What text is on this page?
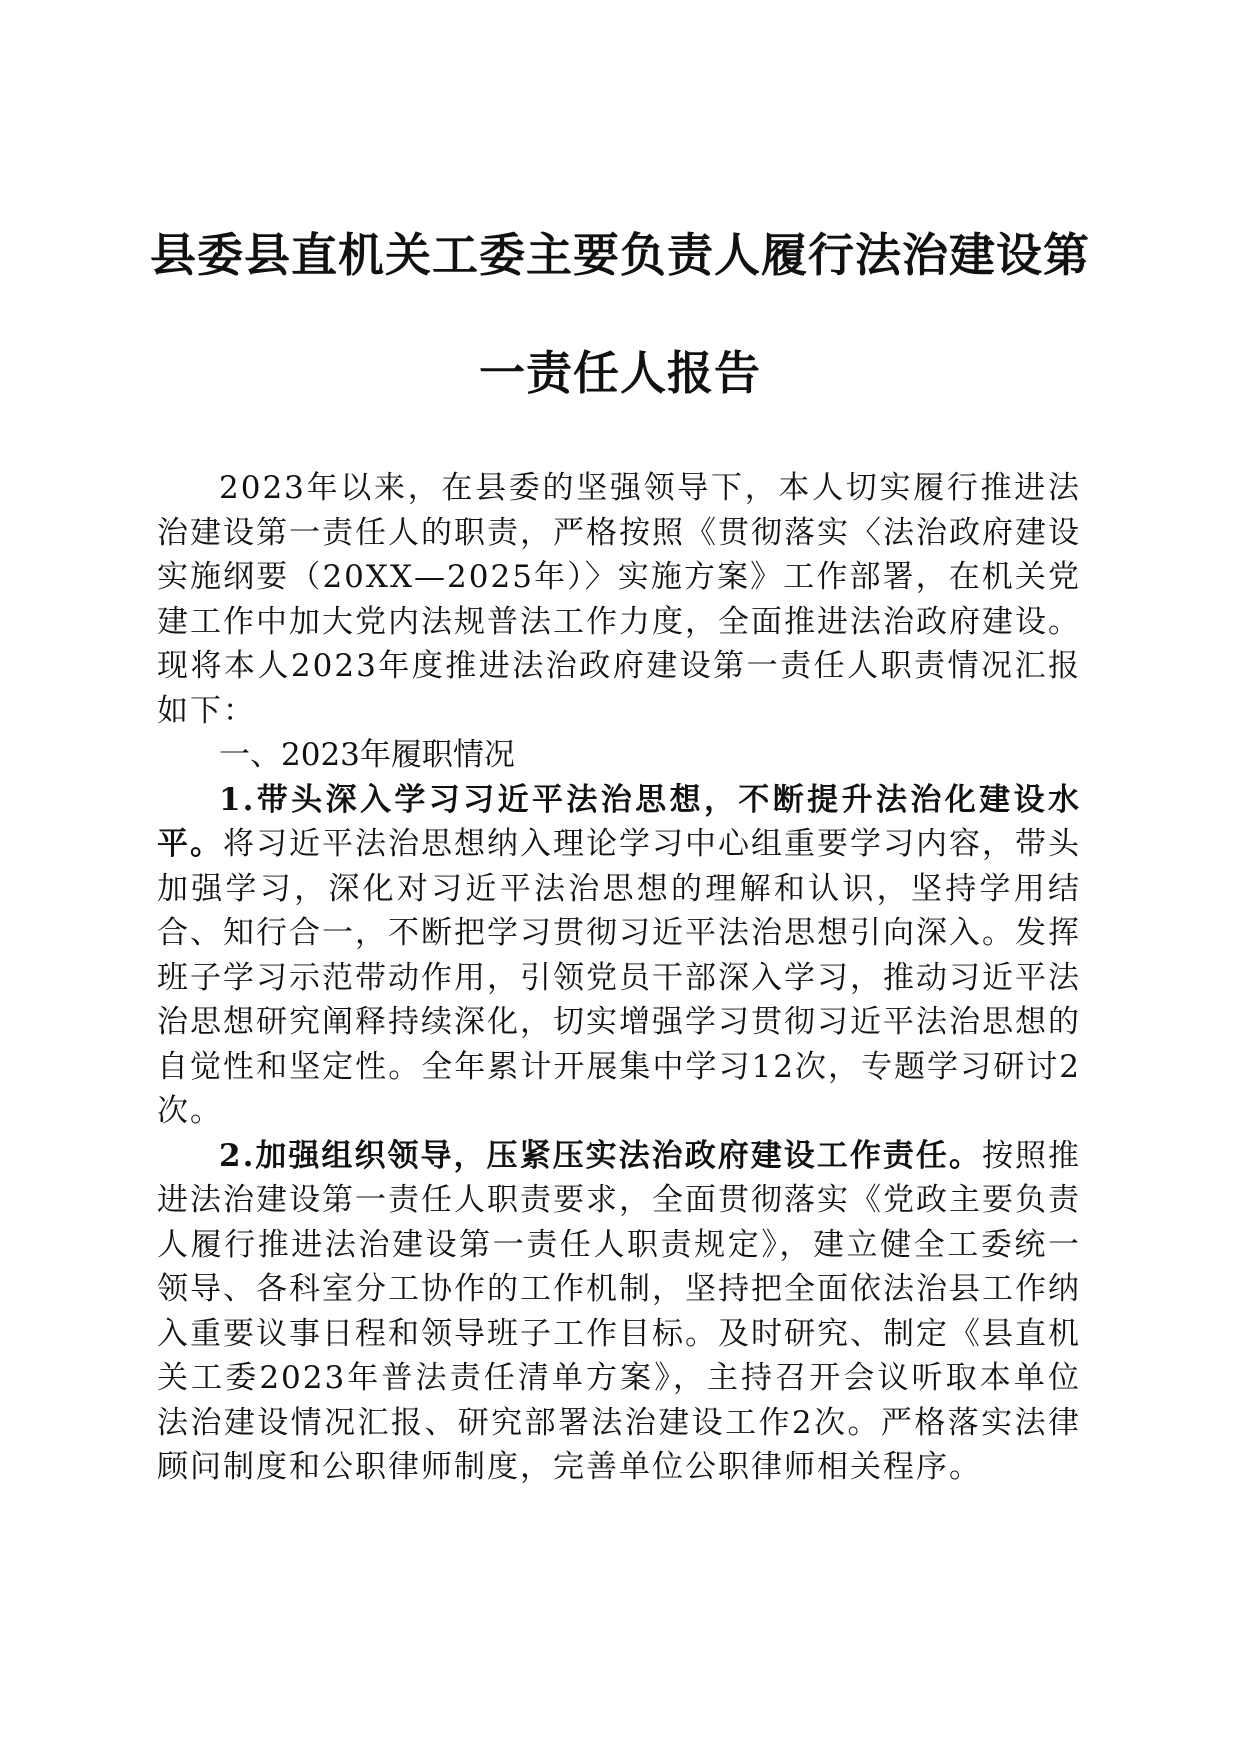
县委县直机关工委主要负责人履行法治建设第
一责任人报告

2023年以来，在县委的坚强领导下，本人切实履行推进法治建设第一责任人的职责，严格按照《贯彻落实〈法治政府建设实施纲要（20XX—2025年）〉实施方案》工作部署，在机关党建工作中加大党内法规普法工作力度，全面推进法治政府建设。现将本人2023年度推进法治政府建设第一责任人职责情况汇报如下：

一、2023年履职情况

1.带头深入学习习近平法治思想，不断提升法治化建设水平。将习近平法治思想纳入理论学习中心组重要学习内容，带头加强学习，深化对习近平法治思想的理解和认识，坚持学用结合、知行合一，不断把学习贯彻习近平法治思想引向深入。发挥班子学习示范带动作用，引领党员干部深入学习，推动习近平法治思想研究阐释持续深化，切实增强学习贯彻习近平法治思想的自觉性和坚定性。全年累计开展集中学习12次，专题学习研讨2次。

2.加强组织领导，压紧压实法治政府建设工作责任。按照推进法治建设第一责任人职责要求，全面贯彻落实《党政主要负责人履行推进法治建设第一责任人职责规定》，建立健全工委统一领导、各科室分工协作的工作机制，坚持把全面依法治县工作纳入重要议事日程和领导班子工作目标。及时研究、制定《县直机关工委2023年普法责任清单方案》，主持召开会议听取本单位法治建设情况汇报、研究部署法治建设工作2次。严格落实法律顾问制度和公职律师制度，完善单位公职律师相关程序。
